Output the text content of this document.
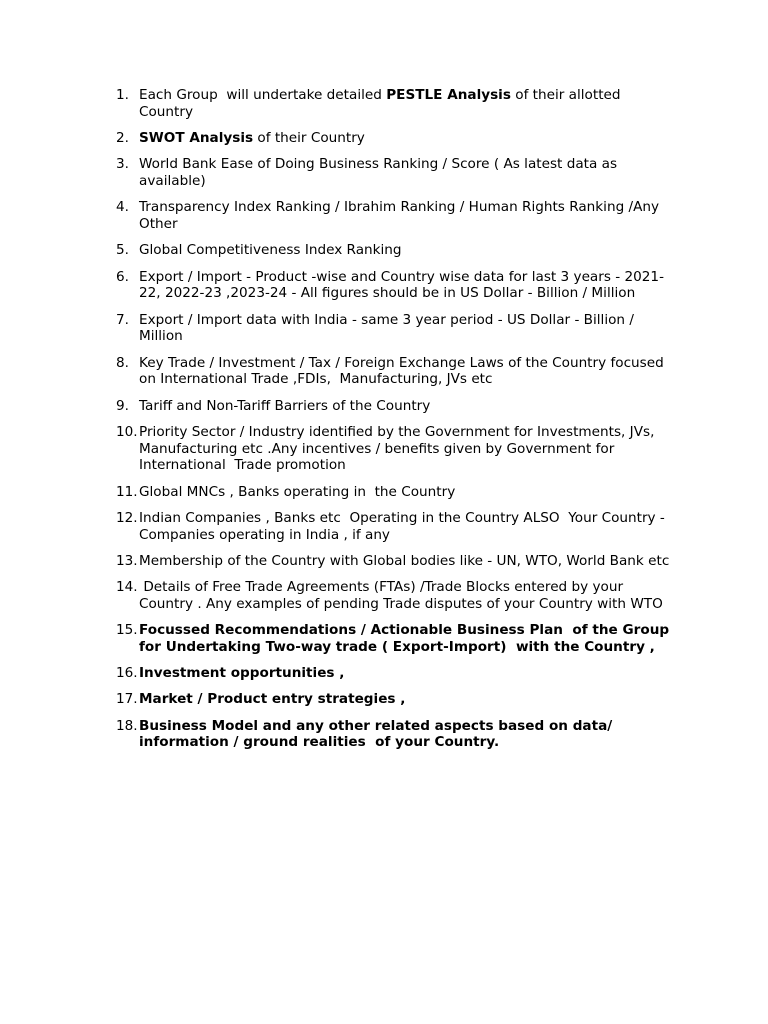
1. Each Group  will undertake detailed PESTLE Analysis of their allotted Country
2. SWOT Analysis of their Country
3. World Bank Ease of Doing Business Ranking / Score ( As latest data as available)
4. Transparency Index Ranking / Ibrahim Ranking / Human Rights Ranking /Any Other
5. Global Competitiveness Index Ranking
6. Export / Import - Product -wise and Country wise data for last 3 years - 2021-22, 2022-23 ,2023-24 - All figures should be in US Dollar - Billion / Million
7. Export / Import data with India - same 3 year period - US Dollar - Billion / Million
8. Key Trade / Investment / Tax / Foreign Exchange Laws of the Country focused  on International Trade ,FDIs,  Manufacturing, JVs etc
9. Tariff and Non-Tariff Barriers of the Country
10. Priority Sector / Industry identified by the Government for Investments, JVs, Manufacturing etc .Any incentives / benefits given by Government for International  Trade promotion
11. Global MNCs , Banks operating in  the Country
12. Indian Companies , Banks etc  Operating in the Country ALSO  Your Country -  Companies operating in India , if any
13. Membership of the Country with Global bodies like - UN, WTO, World Bank etc
14. Details of Free Trade Agreements (FTAs) /Trade Blocks entered by your Country . Any examples of pending Trade disputes of your Country with WTO
15. Focussed Recommendations / Actionable Business Plan  of the Group for Undertaking Two-way trade ( Export-Import)  with the Country ,
16. Investment opportunities ,
17. Market / Product entry strategies ,
18. Business Model and any other related aspects based on data/ information / ground realities  of your Country.
